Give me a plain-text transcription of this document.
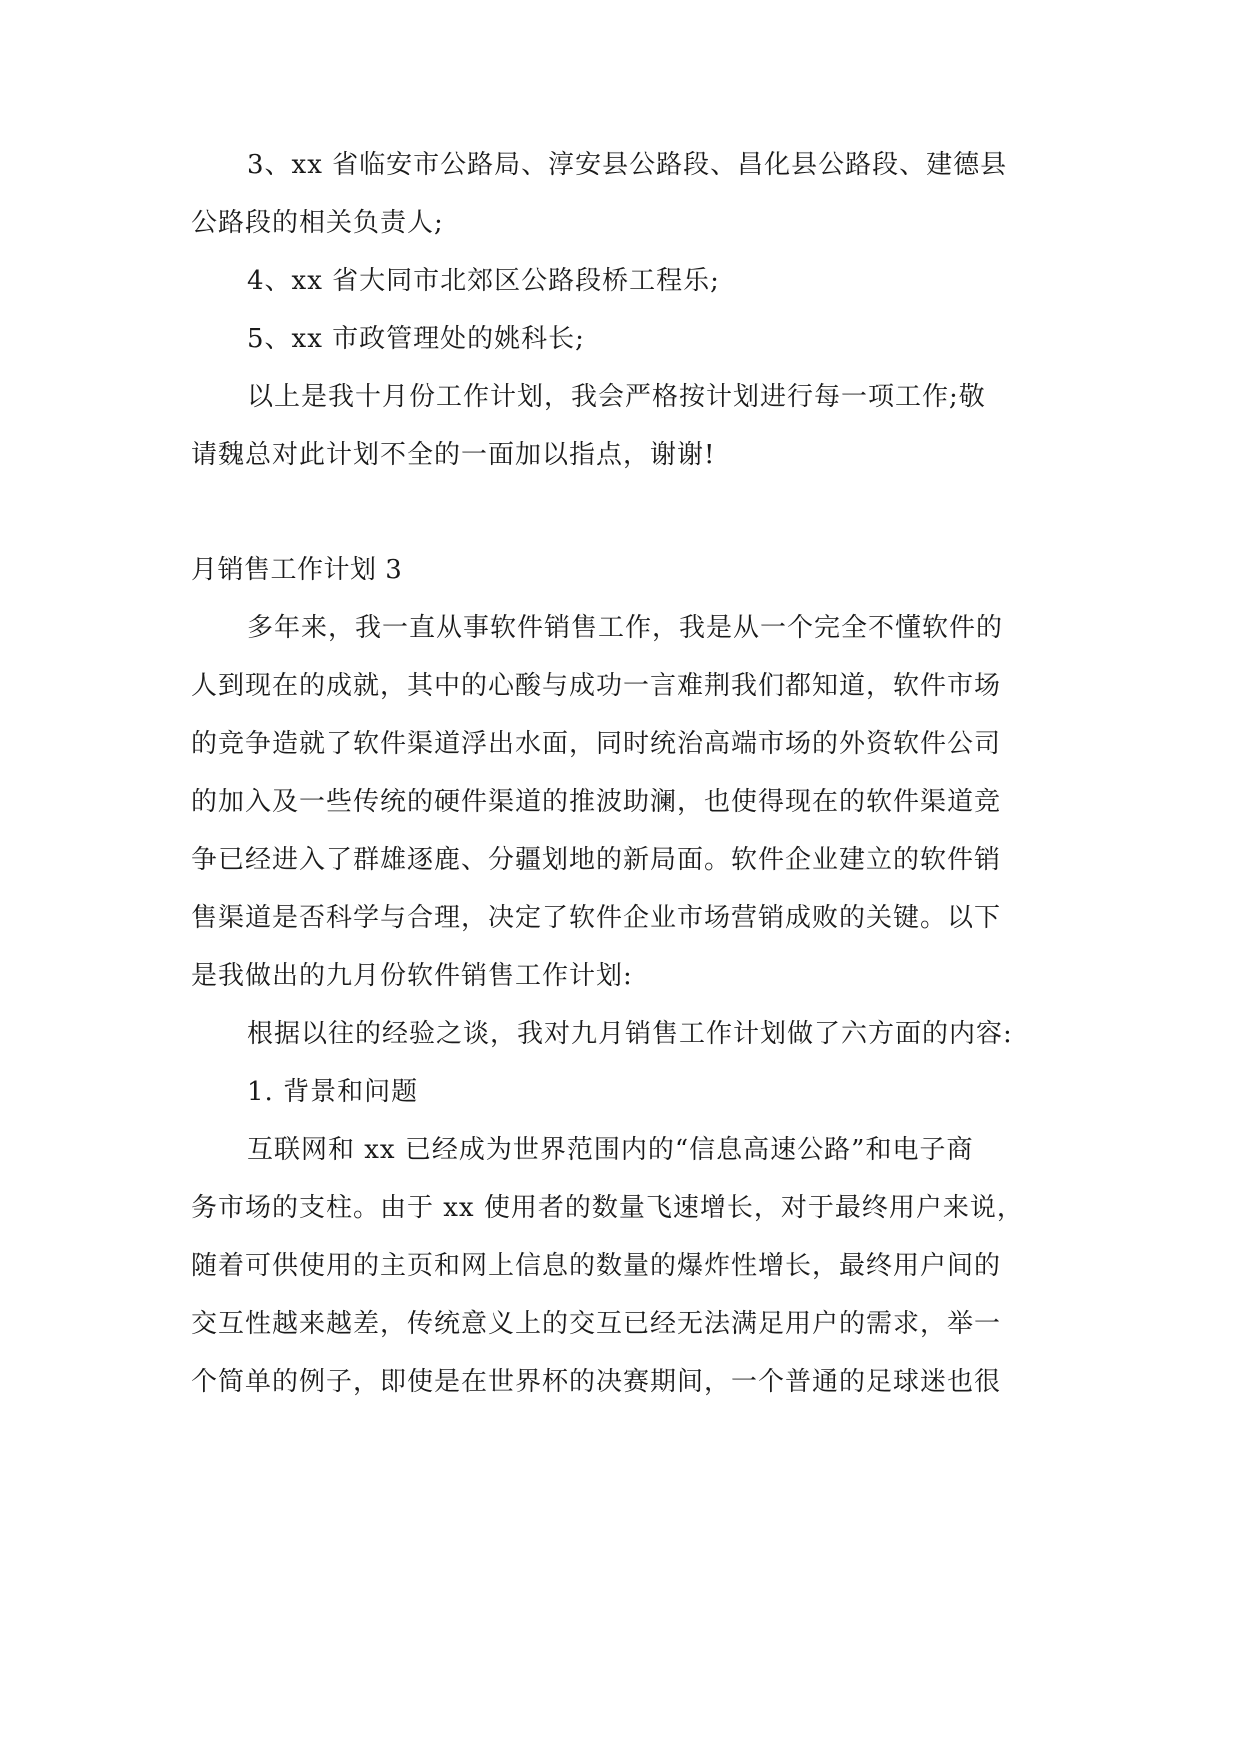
3、xx 省临安市公路局、淳安县公路段、昌化县公路段、建德县
公路段的相关负责人;
4、xx 省大同市北郊区公路段桥工程乐;
5、xx 市政管理处的姚科长;
以上是我十月份工作计划，我会严格按计划进行每一项工作;敬
请魏总对此计划不全的一面加以指点，谢谢!
月销售工作计划 3
多年来，我一直从事软件销售工作，我是从一个完全不懂软件的
人到现在的成就，其中的心酸与成功一言难荆我们都知道，软件市场
的竞争造就了软件渠道浮出水面，同时统治高端市场的外资软件公司
的加入及一些传统的硬件渠道的推波助澜，也使得现在的软件渠道竞
争已经进入了群雄逐鹿、分疆划地的新局面。软件企业建立的软件销
售渠道是否科学与合理，决定了软件企业市场营销成败的关键。以下
是我做出的九月份软件销售工作计划:
根据以往的经验之谈，我对九月销售工作计划做了六方面的内容:
1. 背景和问题
互联网和 xx 已经成为世界范围内的“信息高速公路”和电子商
务市场的支柱。由于 xx 使用者的数量飞速增长，对于最终用户来说，
随着可供使用的主页和网上信息的数量的爆炸性增长，最终用户间的
交互性越来越差，传统意义上的交互已经无法满足用户的需求，举一
个简单的例子，即使是在世界杯的决赛期间，一个普通的足球迷也很
